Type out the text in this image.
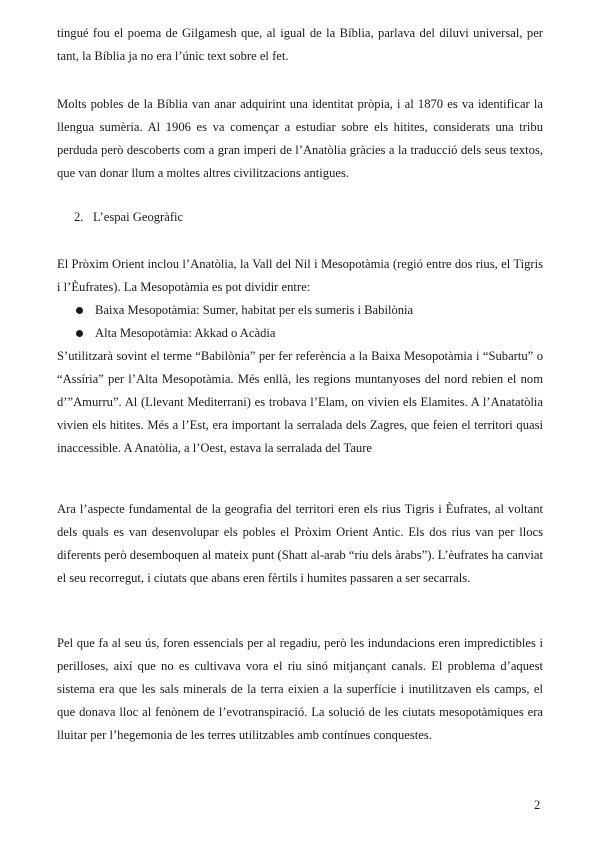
tingué fou el poema de Gilgamesh que, al igual de la Bíblia, parlava del diluvi universal, per tant, la Bíblia ja no era l’únic text sobre el fet.

Molts pobles de la Bíblia van anar adquirint una identitat pròpia, i al 1870 es va identificar la llengua sumèria. Al 1906 es va començar a estudiar sobre els hitites, considerats una tribu perduda però descoberts com a gran imperi de l’Anatòlia gràcies a la traducció dels seus textos, que van donar llum a moltes altres civilitzacions antigues.

2. L’espai Geogràfic

El Pròxim Orient inclou l’Anatòlia, la Vall del Nil i Mesopotàmia (regió entre dos rius, el Tigris i l’Èufrates). La Mesopotàmia es pot dividir entre:

Baixa Mesopotàmia: Sumer, habitat per els sumeris i Babilònia
Alta Mesopotàmia: Akkad o Acàdia

S’utilitzarà sovint el terme “Babilònia” per fer referència a la Baixa Mesopotàmia i “Subartu” o “Assíria” per l’Alta Mesopotàmia. Més enllà, les regions muntanyoses del nord rebien el nom d’”Amurru”. Al (Llevant Mediterrani) es trobava l’Elam, on vivien els Elamites. A l’Anatatòlia vivien els hitites. Més a l’Est, era important la serralada dels Zagres, que feien el territori quasi inaccessible. A Anatòlia, a l’Oest, estava la serralada del Taure

Ara l’aspecte fundamental de la geografia del territori eren els rius Tigris i Èufrates, al voltant dels quals es van desenvolupar els pobles el Pròxim Orient Antic. Els dos rius van per llocs diferents però desemboquen al mateix punt (Shatt al-arab “riu dels àrabs”). L’èufrates ha canviat el seu recorregut, i ciutats que abans eren fèrtils i humites passaren a ser secarrals.

Pel que fa al seu ús, foren essencials per al regadiu, però les indundacions eren impredictibles i perilloses, així que no es cultivava vora el riu sinó mitjançant canals. El problema d’aquest sistema era que les sals minerals de la terra eixien a la superfície i inutilitzaven els camps, el que donava lloc al fenònem de l’evotranspiració. La solució de les ciutats mesopotàmiques era lluitar per l’hegemonia de les terres utilitzables amb contínues conquestes.

2
